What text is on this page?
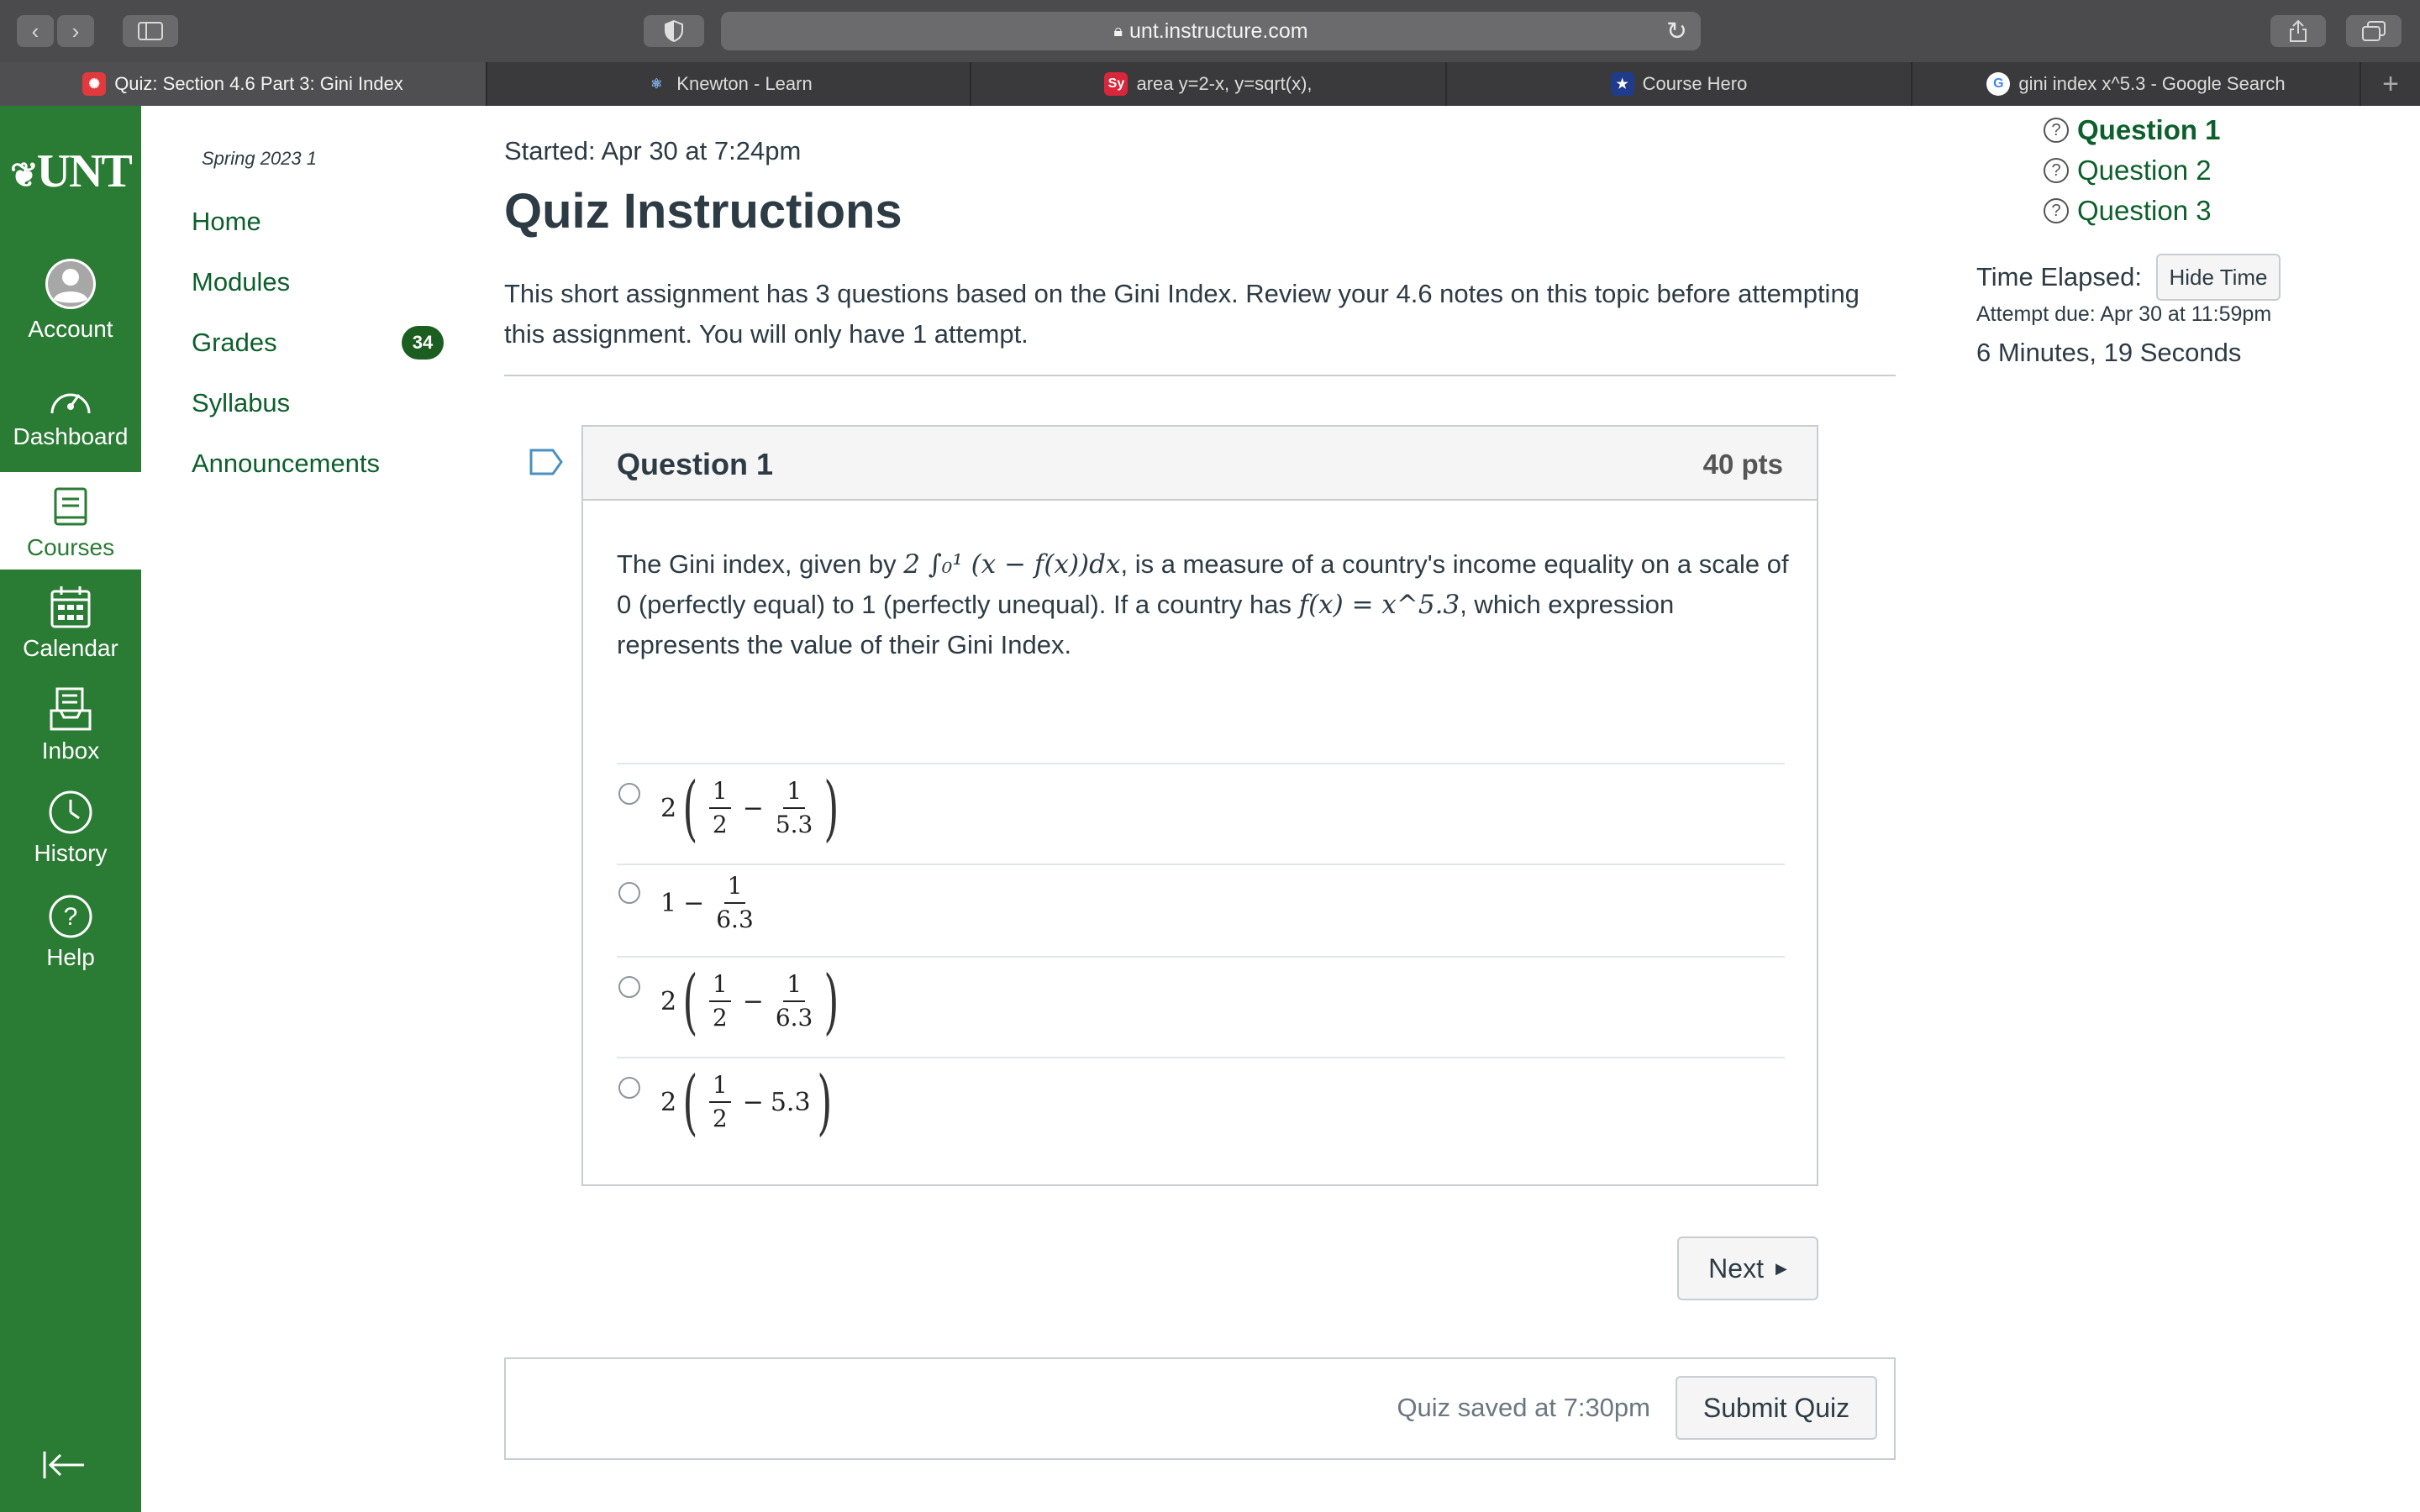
‹ ›	🔒︎ unt.instructure.com	↻
✺ Quiz: Section 4.6 Part 3: Gini Index	⚛ Knewton - Learn	Sy area y=2-x, y=sqrt(x),	★ Course Hero	G gini index x^5.3 - Google Search	+
❦UNT
Account
Dashboard
Courses
Calendar
Inbox
History
?
Help
Spring 2023 1
Home
Modules
Grades	34
Syllabus
Announcements
Started: Apr 30 at 7:24pm
Quiz Instructions
This short assignment has 3 questions based on the Gini Index. Review your 4.6 notes on this topic before attempting this assignment. You will only have 1 attempt.
Question 1	40 pts
The Gini index, given by 2 ∫₀¹ (x − f(x))dx, is a measure of a country's income equality on a scale of 0 (perfectly equal) to 1 (perfectly unequal). If a country has f(x) = x^5.3, which expression represents the value of their Gini Index.
2 ( $\frac{1}{2} - \frac{1}{5.3}$ )
$1 - \frac{1}{6.3}$
2 ( $\frac{1}{2} - \frac{1}{6.3}$ )
2 ( $\frac{1}{2} - 5.3$ )
Next ▶
Quiz saved at 7:30pm	Submit Quiz
? Question 1
? Question 2
? Question 3
Time Elapsed:	Hide Time
Attempt due: Apr 30 at 11:59pm
6 Minutes, 19 Seconds
